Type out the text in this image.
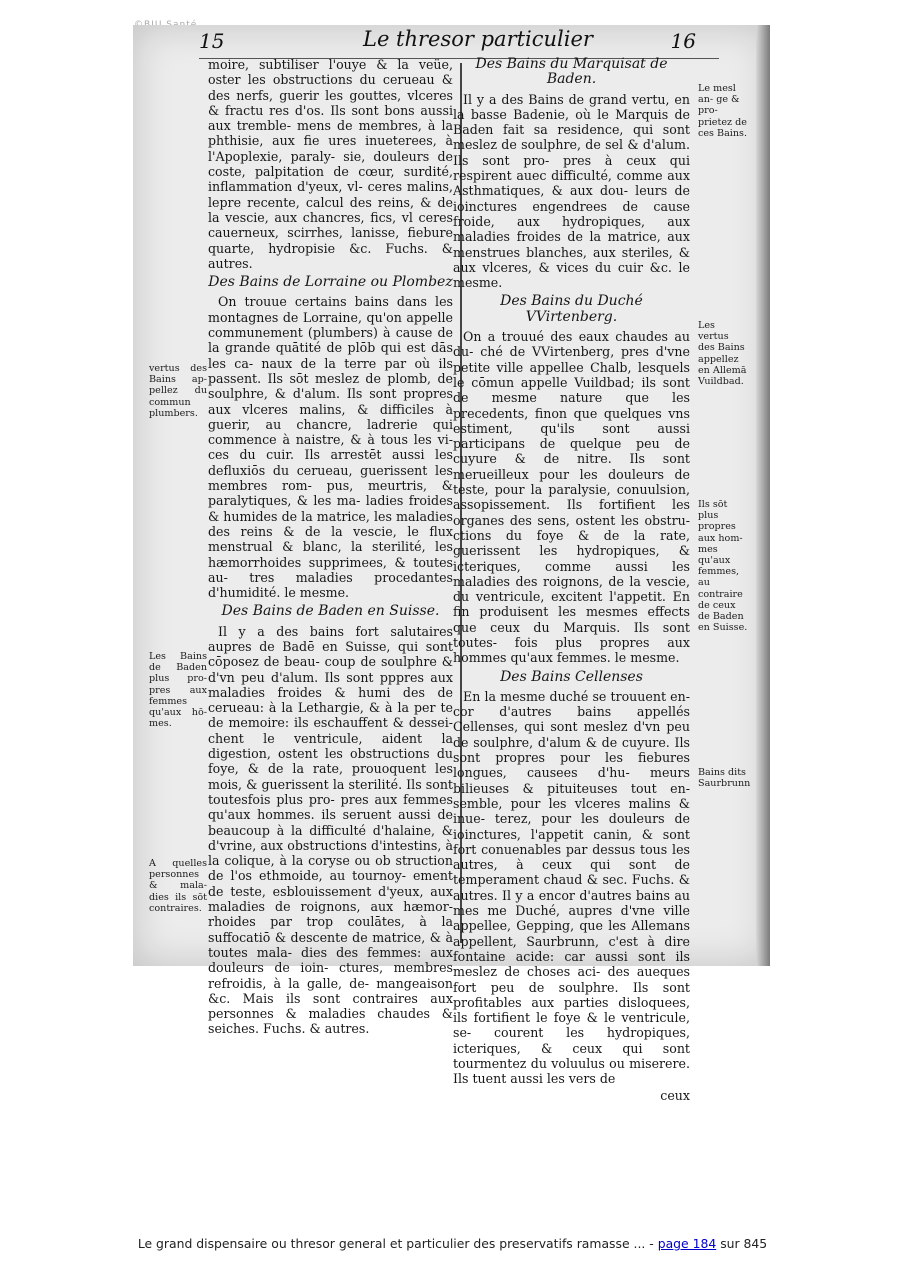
15	Le thresor particulier	16

moire, subtiliser l'ouye & la veüe, oster les obstructions du cerueau & des nerfs, guerir les gouttes, vlceres & fractu res d'os. Ils sont bons aussi aux tremble- mens de membres, à la phthisie, aux fie ures inueterees, à l'Apoplexie, paraly- sie, douleurs de coste, palpitation de cœur, surdité, inflammation d'yeux, vl- ceres malins, lepre recente, calcul des reins, & de la vescie, aux chancres, fics, vl ceres cauerneux, scirrhes, lanisse, fiebure quarte, hydropisie &c. Fuchs. & autres.

Des Bains de Lorraine ou Plombez

On trouue certains bains dans les montagnes de Lorraine, qu'on appelle communement (plumbers) à cause de la grande quātité de plōb qui est dās les ca- naux de la terre par où ils passent. Ils sōt meslez de plomb, de soulphre, & d'alum. Ils sont propres aux vlceres malins, & difficiles à guerir, au chancre, ladrerie qui commence à naistre, & à tous les vi- ces du cuir. Ils arrestēt aussi les defluxiōs du cerueau, guerissent les membres rom- pus, meurtris, & paralytiques, & les ma- ladies froides & humides de la matrice, les maladies des reins & de la vescie, le flux menstrual & blanc, la sterilité, les hæmorrhoides supprimees, & toutes au- tres maladies procedantes d'humidité. le mesme.

Des Bains de Baden en Suisse.

Il y a des bains fort salutaires aupres de Badē en Suisse, qui sont cōposez de beau- coup de soulphre & d'vn peu d'alum. Ils sont pppres aux maladies froides & humi des de cerueau: à la Lethargie, & à la per te de memoire: ils eschauffent & dessei- chent le ventricule, aident la digestion, ostent les obstructions du foye, & de la rate, prouoquent les mois, & guerissent la sterilité. Ils sont toutesfois plus pro- pres aux femmes qu'aux hommes. ils seruent aussi de beaucoup à la difficulté d'halaine, & d'vrine, aux obstructions d'intestins, à la colique, à la coryse ou ob struction de l'os ethmoide, au tournoy- ement de teste, esblouissement d'yeux, aux maladies de roignons, aux hæmor- rhoides par trop coulātes, à la suffocatiō & descente de matrice, & à toutes mala- dies des femmes: aux douleurs de ioin- ctures, membres refroidis, à la galle, de- mangeaison &c. Mais ils sont contraires aux personnes & maladies chaudes & seiches. Fuchs. & autres.

Des Bains du Marquisat de Baden.

Il y a des Bains de grand vertu, en la basse Badenie, où le Marquis de Baden fait sa residence, qui sont meslez de soulphre, de sel & d'alum. Ils sont pro- pres à ceux qui respirent auec difficulté, comme aux Asthmatiques, & aux dou- leurs de ioinctures engendrees de cause froide, aux hydropiques, aux maladies froides de la matrice, aux menstrues blanches, aux steriles, & aux vlceres, & vices du cuir &c. le mesme.

Des Bains du Duché VVirtenberg.

On a trouué des eaux chaudes au du- ché de VVirtenberg, pres d'vne petite ville appellee Chalb, lesquels le cōmun appelle Vuildbad; ils sont de mesme nature que les precedents, finon que quelques vns estiment, qu'ils sont aussi participans de quelque peu de cuyure & de nitre. Ils sont merueilleux pour les douleurs de teste, pour la paralysie, conuulsion, assopissement. Ils fortifient les organes des sens, ostent les obstru- ctions du foye & de la rate, guerissent les hydropiques, & icteriques, comme aussi les maladies des roignons, de la vescie, du ventricule, excitent l'appetit. En fin produisent les mesmes effects que ceux du Marquis. Ils sont toutes- fois plus propres aux hommes qu'aux femmes. le mesme.

Des Bains Cellenses

En la mesme duché se trouuent en- cor d'autres bains appellés Cellenses, qui sont meslez d'vn peu de soulphre, d'alum & de cuyure. Ils sont propres pour les fiebures longues, causees d'hu- meurs bilieuses & pituiteuses tout en- semble, pour les vlceres malins & inue- terez, pour les douleurs de ioinctures, l'appetit canin, & sont fort conuenables par dessus tous les autres, à ceux qui sont de temperament chaud & sec. Fuchs. & autres. Il y a encor d'autres bains au mes me Duché, aupres d'vne ville appellee, Gepping, que les Allemans appellent, Saurbrunn, c'est à dire fontaine acide: car aussi sont ils meslez de choses aci- des aueques fort peu de soulphre. Ils sont profitables aux parties disloquees, ils fortifient le foye & le ventricule, se- courent les hydropiques, icteriques, & ceux qui sont tourmentez du voluulus ou miserere. Ils tuent aussi les vers de

ceux

vertus des Bains ap- pellez du commun plumbers.
Les Bains de Baden plus pro- pres aux femmes qu'aux hō- mes.
A quelles personnes & mala- dies ils sōt contraires.
Le mesl an- ge & pro- prietez de ces Bains.
Les vertus des Bains appellez en Allemā Vuildbad.
Ils sōt plus propres aux hom- mes qu'aux femmes, au contraire de ceux de Baden en Suisse.
Bains dits Saurbrunn
Le grand dispensaire ou thresor general et particulier des preservatifs ramasse ... - page 184 sur 845
